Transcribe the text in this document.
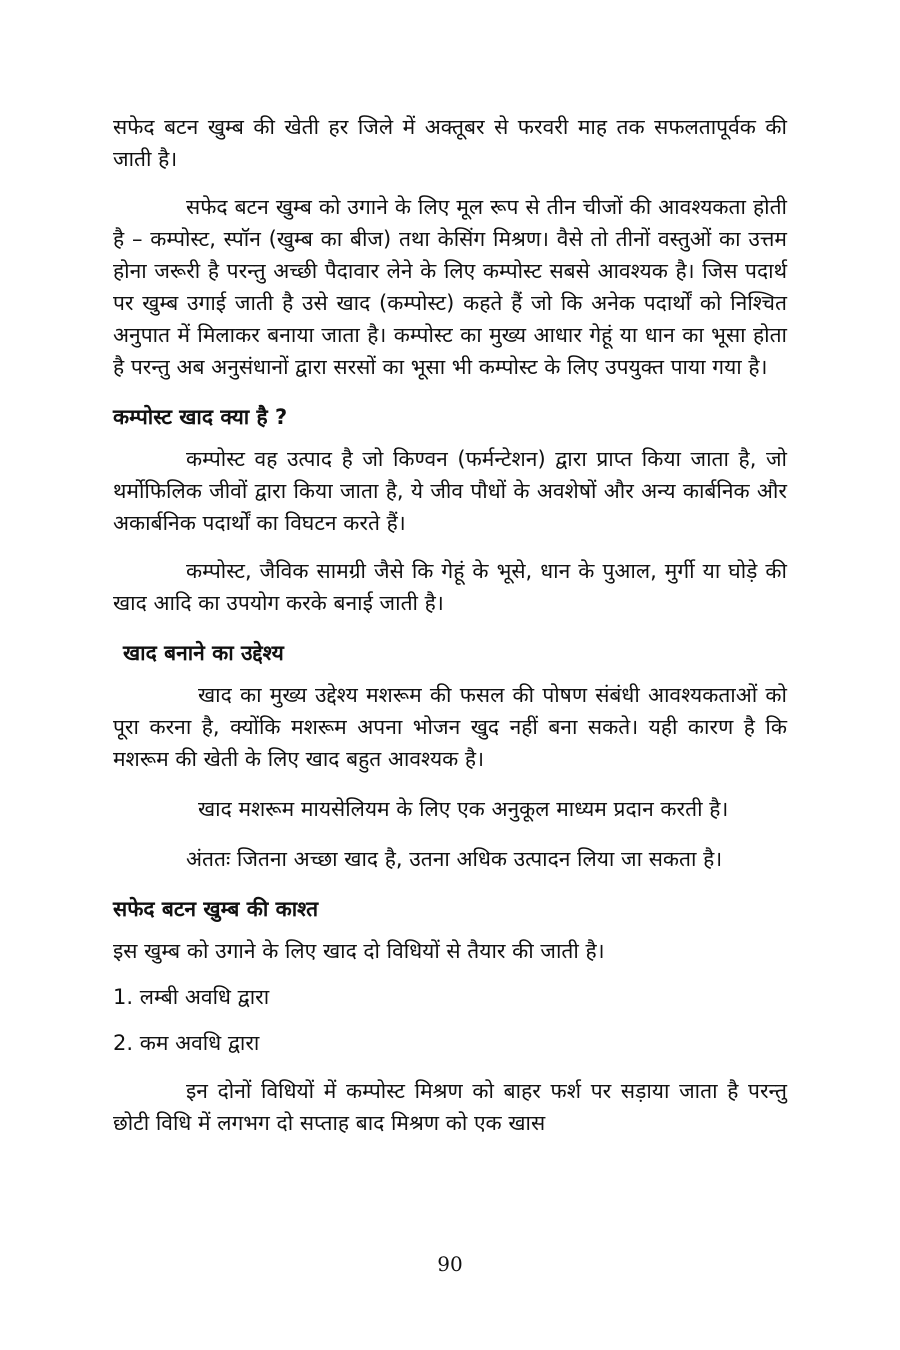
सफेद बटन खुम्ब की खेती हर जिले में अक्तूबर से फरवरी माह तक सफलतापूर्वक की जाती है।

सफेद बटन खुम्ब को उगाने के लिए मूल रूप से तीन चीजों की आवश्यकता होती है – कम्पोस्ट, स्पॉन (खुम्ब का बीज) तथा केसिंग मिश्रण। वैसे तो तीनों वस्तुओं का उत्तम होना जरूरी है परन्तु अच्छी पैदावार लेने के लिए कम्पोस्ट सबसे आवश्यक है। जिस पदार्थ पर खुम्ब उगाई जाती है उसे खाद (कम्पोस्ट) कहते हैं जो कि अनेक पदार्थों को निश्चित अनुपात में मिलाकर बनाया जाता है। कम्पोस्ट का मुख्य आधार गेहूं या धान का भूसा होता है परन्तु अब अनुसंधानों द्वारा सरसों का भूसा भी कम्पोस्ट के लिए उपयुक्त पाया गया है।

कम्पोस्ट खाद क्या है ?

कम्पोस्ट वह उत्पाद है जो किण्वन (फर्मन्टेशन) द्वारा प्राप्त किया जाता है, जो थर्मोफिलिक जीवों द्वारा किया जाता है, ये जीव पौधों के अवशेषों और अन्य कार्बनिक और अकार्बनिक पदार्थों का विघटन करते हैं।

कम्पोस्ट, जैविक सामग्री जैसे कि गेहूं के भूसे, धान के पुआल, मुर्गी या घोड़े की खाद आदि का उपयोग करके बनाई जाती है।

खाद बनाने का उद्देश्य

खाद का मुख्य उद्देश्य मशरूम की फसल की पोषण संबंधी आवश्यकताओं को पूरा करना है, क्योंकि मशरूम अपना भोजन खुद नहीं बना सकते। यही कारण है कि मशरूम की खेती के लिए खाद बहुत आवश्यक है।

खाद मशरूम मायसेलियम के लिए एक अनुकूल माध्यम प्रदान करती है।

अंततः जितना अच्छा खाद है, उतना अधिक उत्पादन लिया जा सकता है।

सफेद बटन खुम्ब की काश्त

इस खुम्ब को उगाने के लिए खाद दो विधियों से तैयार की जाती है।

1. लम्बी अवधि द्वारा

2. कम अवधि द्वारा

इन दोनों विधियों में कम्पोस्ट मिश्रण को बाहर फर्श पर सड़ाया जाता है परन्तु छोटी विधि में लगभग दो सप्ताह बाद मिश्रण को एक खास

90
